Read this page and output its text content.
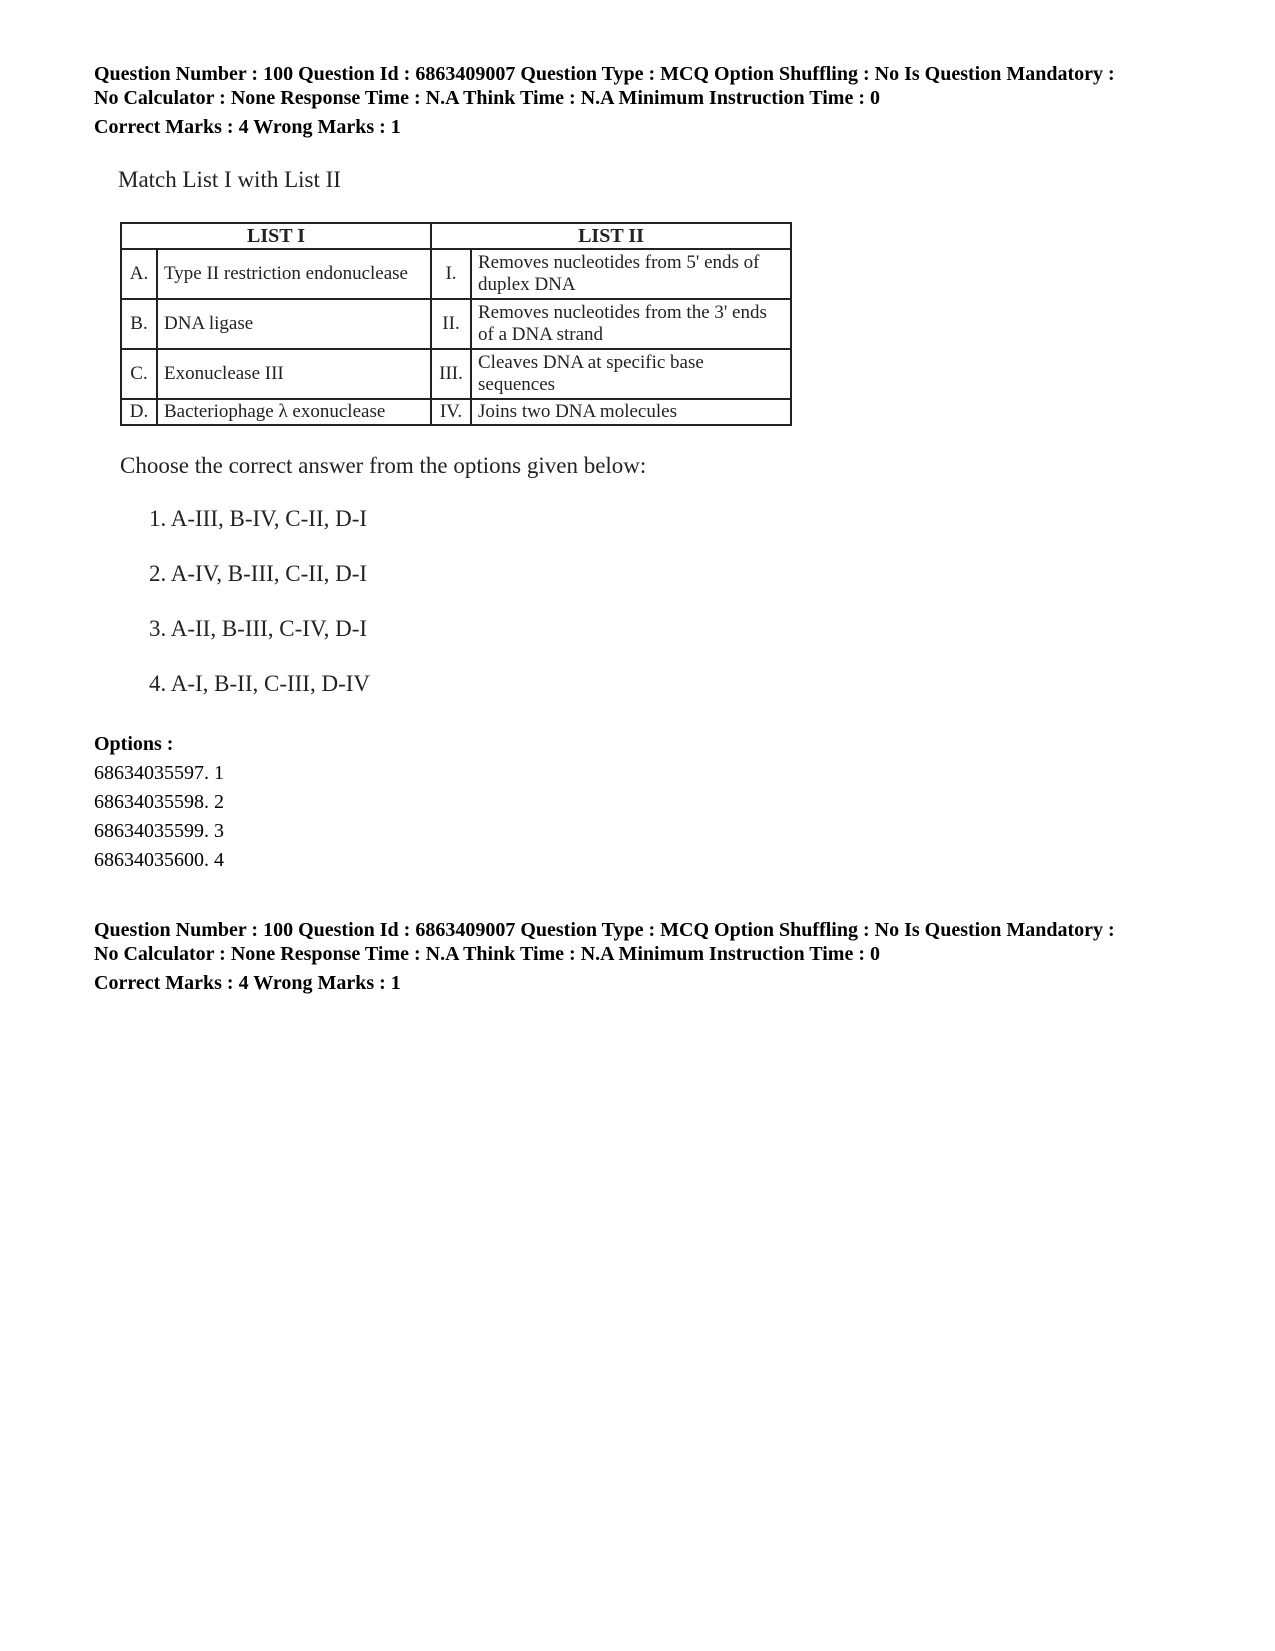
Question Number : 100 Question Id : 6863409007 Question Type : MCQ Option Shuffling : No Is Question Mandatory :

No Calculator : None Response Time : N.A Think Time : N.A Minimum Instruction Time : 0

Correct Marks : 4 Wrong Marks : 1

Match List I with List II

LIST I		LIST II	
A.	Type II restriction endonuclease	I.	Removes nucleotides from 5' ends of duplex DNA
B.	DNA ligase	II.	Removes nucleotides from the 3' ends of a DNA strand
C.	Exonuclease III	III.	Cleaves DNA at specific base sequences
D.	Bacteriophage λ exonuclease	IV.	Joins two DNA molecules

Choose the correct answer from the options given below:

1. A-III, B-IV, C-II, D-I
2. A-IV, B-III, C-II, D-I
3. A-II, B-III, C-IV, D-I
4. A-I, B-II, C-III, D-IV
Options :
68634035597. 1
68634035598. 2
68634035599. 3
68634035600. 4

Question Number : 100 Question Id : 6863409007 Question Type : MCQ Option Shuffling : No Is Question Mandatory :

No Calculator : None Response Time : N.A Think Time : N.A Minimum Instruction Time : 0

Correct Marks : 4 Wrong Marks : 1
